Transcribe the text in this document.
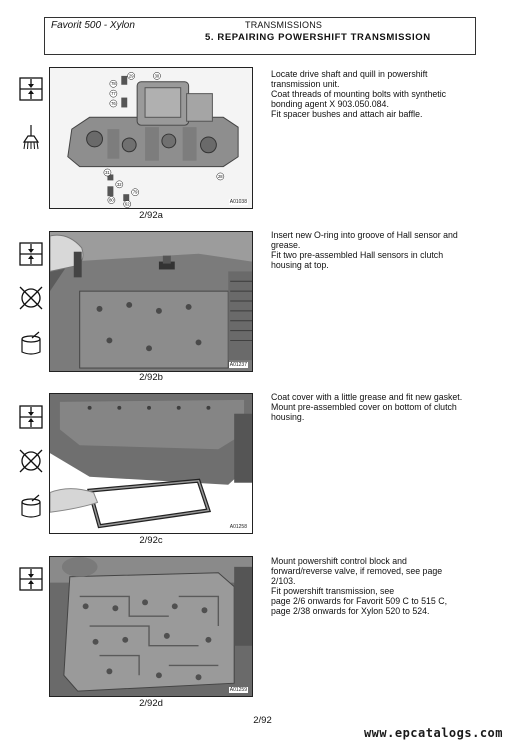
Favorit 500 - Xylon	TRANSMISSIONS
5. REPAIRING POWERSHIFT TRANSMISSION
29
78
77
76
30
31
32
79
80
28
62	A01038
2/92a

Locate drive shaft and quill in powershift

transmission unit.

Coat threads of mounting bolts with synthetic

bonding agent X 903.050.084.

Fit spacer bushes and attach air baffle.

A01237
2/92b

Insert new O-ring into groove of Hall sensor and

grease.

Fit two pre-assembled Hall sensors in clutch

housing at top.

A01258
2/92c

Coat cover with a little grease and fit new gasket.

Mount pre-assembled cover on bottom of clutch

housing.

A01259
2/92d

Mount powershift control block and

forward/reverse valve, if removed, see page

2/103.

Fit powershift transmission, see

page 2/6 onwards for Favorit 509 C to 515 C,

page 2/38 onwards for Xylon 520 to 524.

2/92
www.epcatalogs.com
